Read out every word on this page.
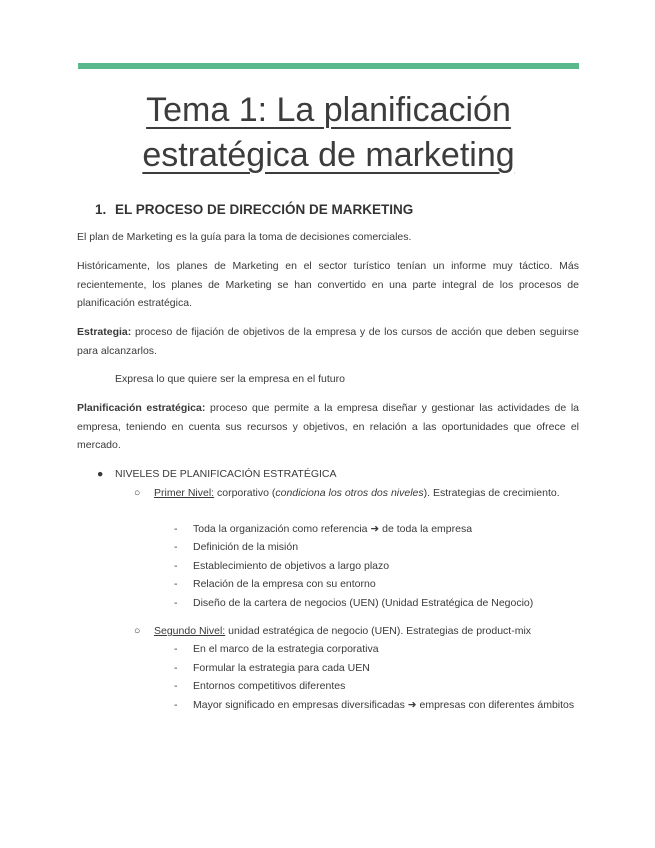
Tema 1: La planificación estratégica de marketing
1. EL PROCESO DE DIRECCIÓN DE MARKETING
El plan de Marketing es la guía para la toma de decisiones comerciales.
Históricamente, los planes de Marketing en el sector turístico tenían un informe muy táctico. Más recientemente, los planes de Marketing se han convertido en una parte integral de los procesos de planificación estratégica.
Estrategia: proceso de fijación de objetivos de la empresa y de los cursos de acción que deben seguirse para alcanzarlos.
Expresa lo que quiere ser la empresa en el futuro
Planificación estratégica: proceso que permite a la empresa diseñar y gestionar las actividades de la empresa, teniendo en cuenta sus recursos y objetivos, en relación a las oportunidades que ofrece el mercado.
● NIVELES DE PLANIFICACIÓN ESTRATÉGICA
○ Primer Nivel: corporativo (condiciona los otros dos niveles). Estrategias de crecimiento.
- Toda la organización como referencia ➜ de toda la empresa
- Definición de la misión
- Establecimiento de objetivos a largo plazo
- Relación de la empresa con su entorno
- Diseño de la cartera de negocios (UEN) (Unidad Estratégica de Negocio)
○ Segundo Nivel: unidad estratégica de negocio (UEN). Estrategias de product-mix
- En el marco de la estrategia corporativa
- Formular la estrategia para cada UEN
- Entornos competitivos diferentes
- Mayor significado en empresas diversificadas ➜ empresas con diferentes ámbitos
